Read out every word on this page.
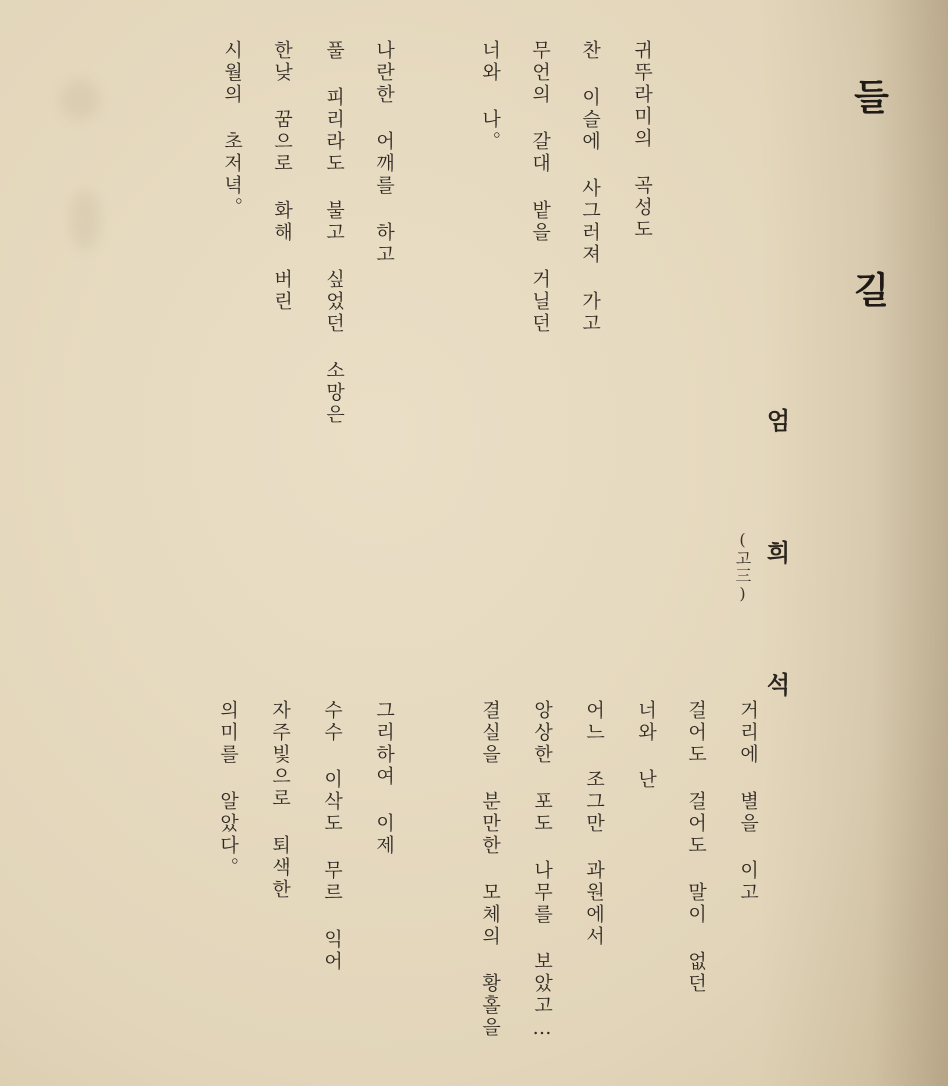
들 길
엄 희 석
(고三)
귀뚜라미의 곡성도
찬 이슬에 사그러져 가고
무언의 갈대 밭을 거닐던
너와 나。
나란한 어깨를 하고
풀 피리라도 불고 싶었던 소망은
한낮 꿈으로 화해 버린
시월의 초저녁。
거리에 별을 이고
걸어도 걸어도 말이 없던
너와 난
어느 조그만 과원에서
앙상한 포도 나무를 보았고…
결실을 분만한 모체의 황홀을
그리하여 이제
수수 이삭도 무르 익어
자주빛으로 퇴색한
의미를 알았다。
